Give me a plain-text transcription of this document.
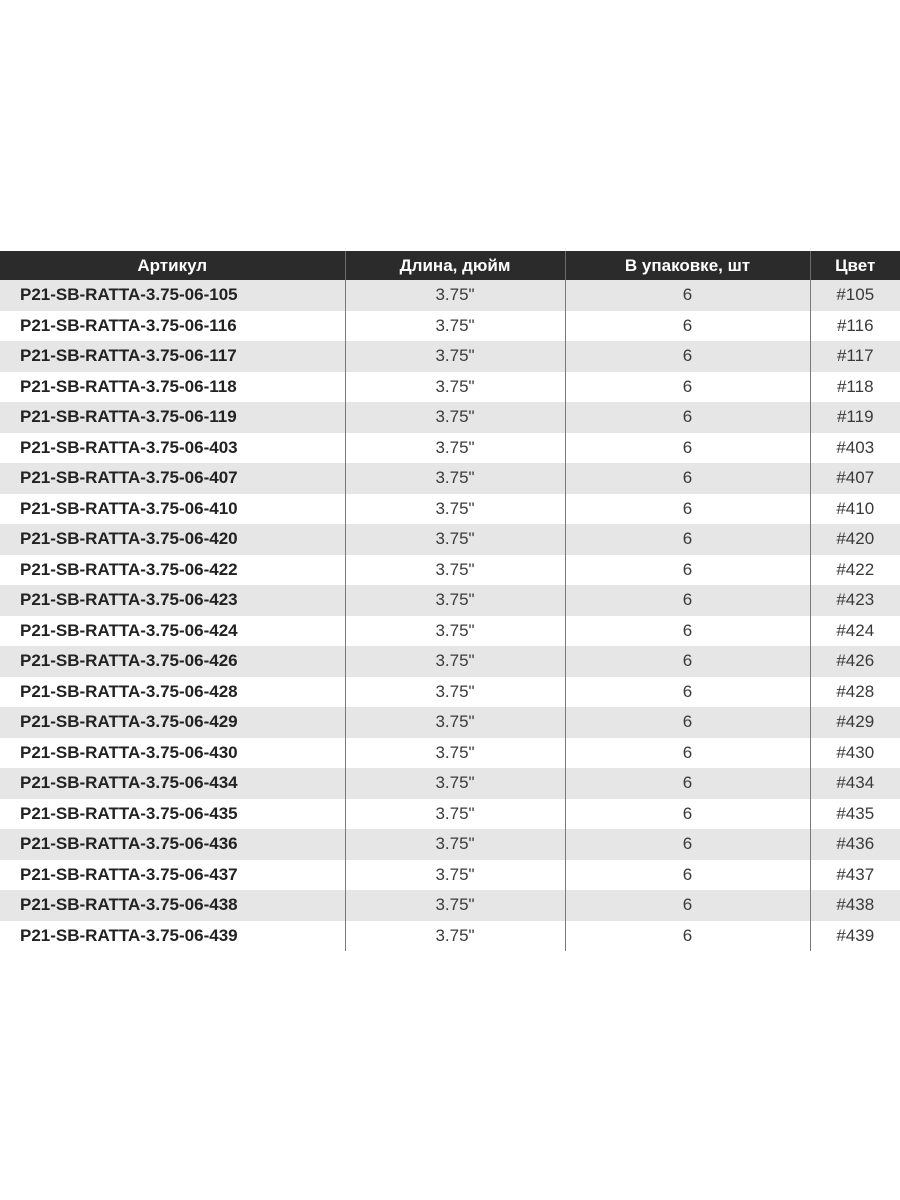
Артикул	Длина, дюйм	В упаковке, шт	Цвет
P21-SB-RATTA-3.75-06-105	3.75"	6	#105
P21-SB-RATTA-3.75-06-116	3.75"	6	#116
P21-SB-RATTA-3.75-06-117	3.75"	6	#117
P21-SB-RATTA-3.75-06-118	3.75"	6	#118
P21-SB-RATTA-3.75-06-119	3.75"	6	#119
P21-SB-RATTA-3.75-06-403	3.75"	6	#403
P21-SB-RATTA-3.75-06-407	3.75"	6	#407
P21-SB-RATTA-3.75-06-410	3.75"	6	#410
P21-SB-RATTA-3.75-06-420	3.75"	6	#420
P21-SB-RATTA-3.75-06-422	3.75"	6	#422
P21-SB-RATTA-3.75-06-423	3.75"	6	#423
P21-SB-RATTA-3.75-06-424	3.75"	6	#424
P21-SB-RATTA-3.75-06-426	3.75"	6	#426
P21-SB-RATTA-3.75-06-428	3.75"	6	#428
P21-SB-RATTA-3.75-06-429	3.75"	6	#429
P21-SB-RATTA-3.75-06-430	3.75"	6	#430
P21-SB-RATTA-3.75-06-434	3.75"	6	#434
P21-SB-RATTA-3.75-06-435	3.75"	6	#435
P21-SB-RATTA-3.75-06-436	3.75"	6	#436
P21-SB-RATTA-3.75-06-437	3.75"	6	#437
P21-SB-RATTA-3.75-06-438	3.75"	6	#438
P21-SB-RATTA-3.75-06-439	3.75"	6	#439
